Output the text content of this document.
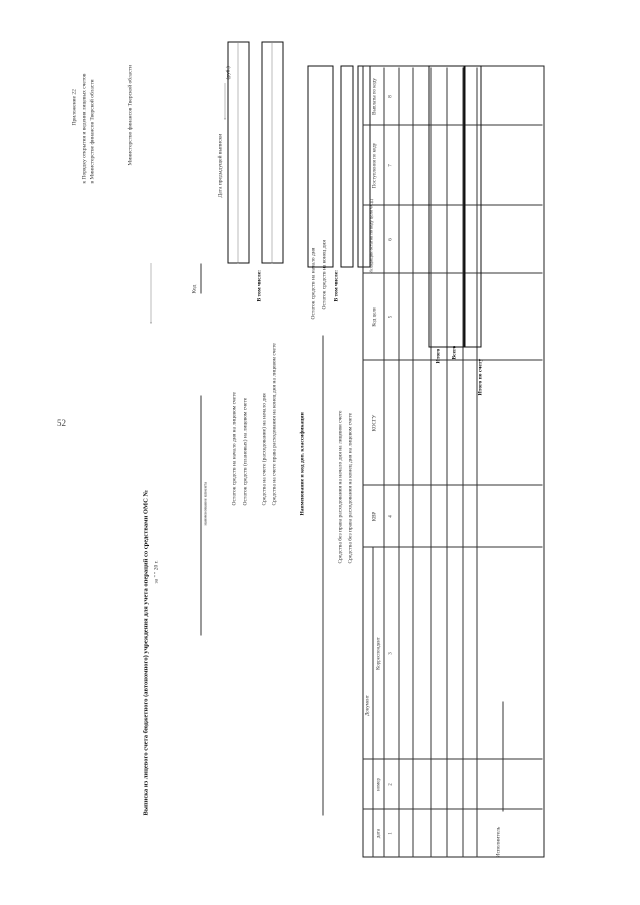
52
Приложение 22 к Порядку открытия и ведения лицевых счетов в Министерстве финансов Тверской области	Министерство финансов Тверской области
Выписка из лицевого счета бюджетного (автономного) учреждения для учета операций со средствами ОМС № за " " 20 г.
наименование клиента
Код
Дата предыдущей выписки
(руб.)
Остаток средств на начало дня на лицевом счете Остаток средств (плановых) на лицевом счете
В том числе:
Средства на счете (расходование) на начало дня Средства на счете права расходования на конец дня на лицевом счете	Наименование и код доп. классификации
Остаток средств на начало дня Остаток средств на конец дня В том числе:
Средства без права расходования на начало дня на лицевом счете Средства без права расходования на конец дня на лицевом счете
Документ
дата
номер
Корреспондент
КВР
КОСГУ
Код цели
Исходящий остаток по коду цели ФЦД
Поступления по коду
Выплаты по коду
1
2
3
4
5
6
7
8
Итого Всего
Итого по счету
Исполнитель
